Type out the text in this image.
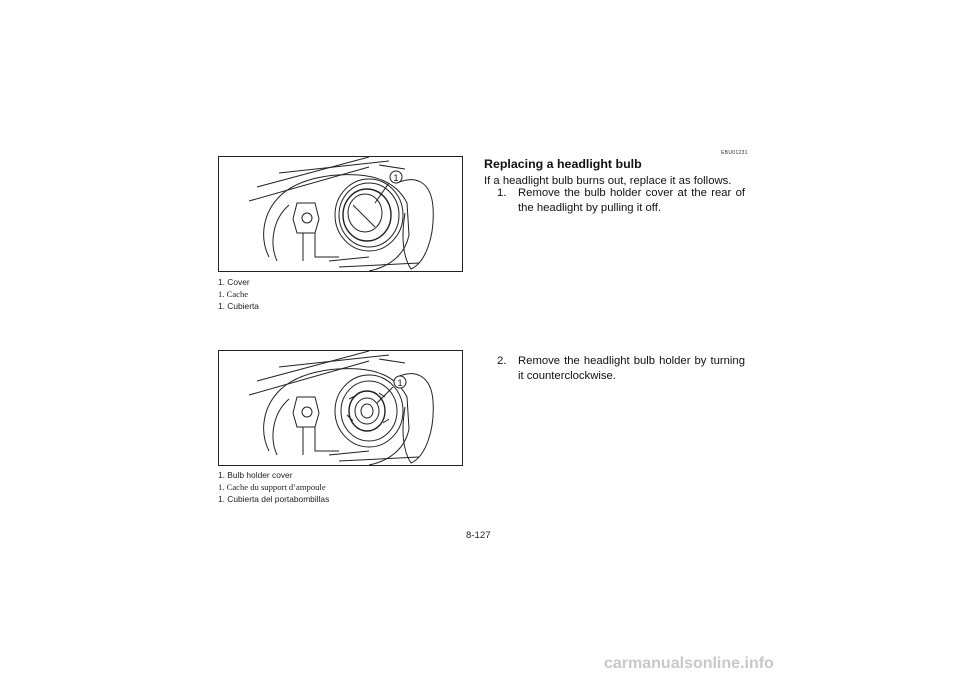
1
1. Cover
1. Cache
1. Cubierta
1
1. Bulb holder cover
1. Cache du support d’ampoule
1. Cubierta del portabombillas
EBU01231
Replacing a headlight bulb
If a headlight bulb burns out, replace it as follows.
1.	Remove the bulb holder cover at the rear of the headlight by pulling it off.
2.	Remove the headlight bulb holder by turning it counterclockwise.
8-127
carmanualsonline.info
